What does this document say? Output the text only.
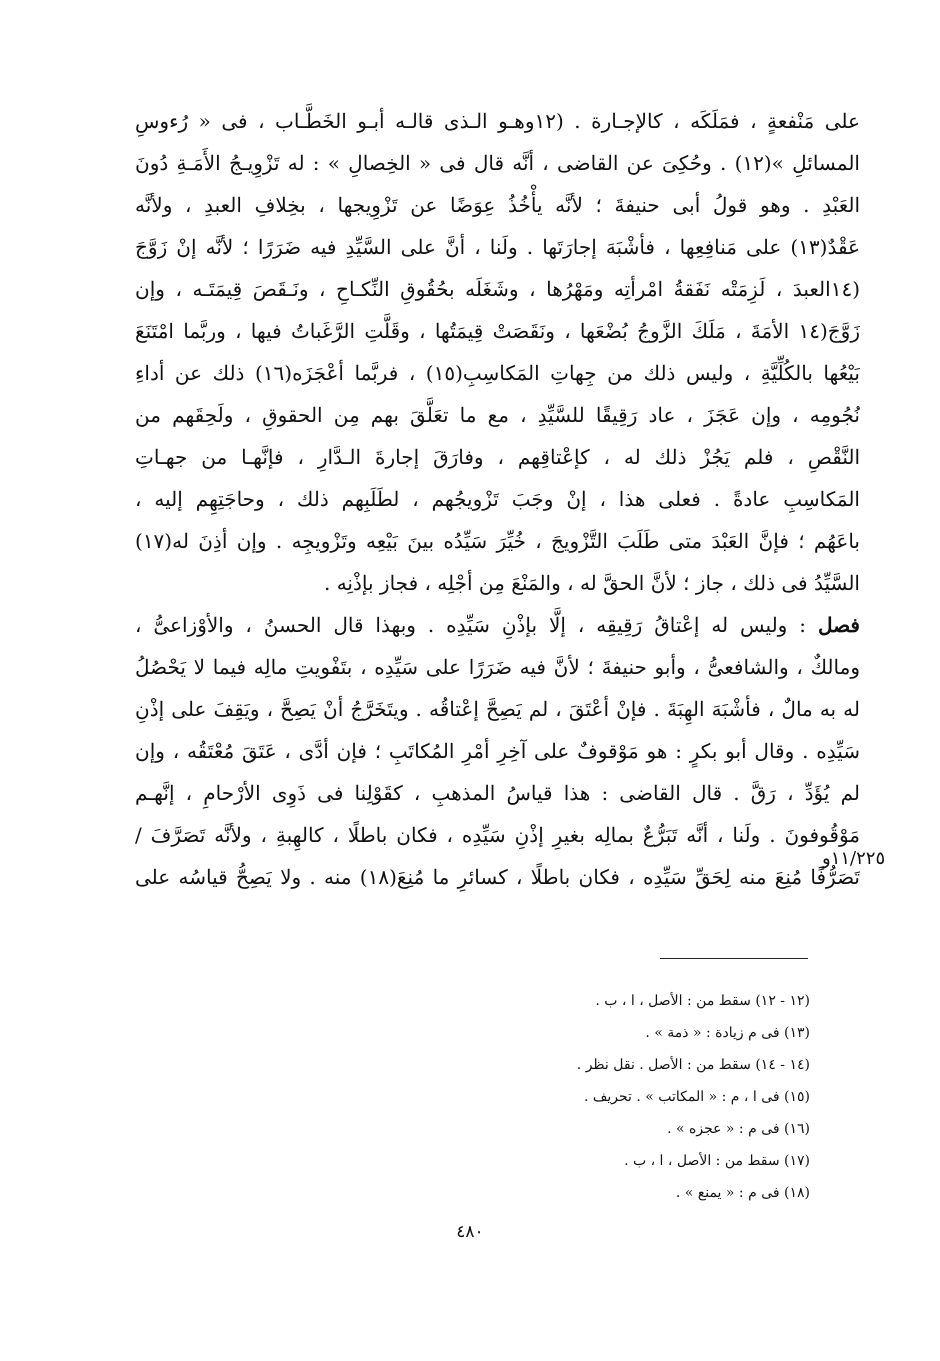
على مَنْفعةٍ ، فمَلَكَه ، كالإجـارة . (١٢وهـو الـذى قالـه أبـو الخَطَّـاب ، فى « رُءوسِ
المسائلِ »(١٢) . وحُكِىَ عن القاضى ، أنَّه قال فى « الخِصالِ » : له تَزْوِيـجُ الأَمَـةِ دُونَ
العَبْدِ . وهو قولُ أبى حنيفةَ ؛ لأنَّه يأْخُذُ عِوَضًا عن تَزْوِيجها ، بخِلافِ العبدِ ، ولأنَّه
عَقْدٌ(١٣) على مَنافِعِها ، فأشْبَهَ إجارَتَها . ولَنا ، أنَّ على السَّيِّدِ فيه ضَرَرًا ؛ لأنَّه إنْ زَوَّجَ
(١٤العبدَ ، لَزِمَتْه نَفَقةُ امْرأتِه ومَهْرُها ، وشَغَلَه بحُقُوقِ النِّكـاحِ ، ونَـقَصَ قِيمَتَـه ، وإن
زَوَّجَ(١٤ الأمَةَ ، مَلَكَ الزَّوجُ بُضْعَها ، ونَقَصَتْ قِيمَتُها ، وقَلَّتِ الرَّغَباتُ فيها ، وربَّما امْتَنَعَ
بَيْعُها بالكُلِّيَّةِ ، وليس ذلك من جِهاتِ المَكاسِبِ(١٥) ، فربَّما أعْجَزَه(١٦) ذلك عن أداءِ
نُجُومِه ، وإن عَجَزَ ، عاد رَقِيقًا للسَّيِّدِ ، مع ما تعَلَّقَ بهم مِن الحقوقِ ، ولَحِقَهم من
النَّقْصِ ، فلم يَجُزْ ذلك له ، كإعْتاقِهم ، وفارَقَ إجارةَ الـدَّارِ ، فإنَّهـا من جهـاتِ
المَكاسِبِ عادةً . فعلى هذا ، إنْ وجَبَ تَزْويجُهم ، لطَلَبِهم ذلك ، وحاجَتِهِم إليه ،
باعَهُم ؛ فإنَّ العَبْدَ متى طَلَبَ التَّزْويجَ ، خُيِّرَ سَيِّدُه بينَ بَيْعِه وتَزْويجِه . وإن أذِنَ له(١٧)
السَّيِّدُ فى ذلك ، جاز ؛ لأنَّ الحقَّ له ، والمَنْعَ مِن أجْلِه ، فجاز بإذْنِه .
فصل : وليس له إعْتاقُ رَقِيقِه ، إلَّا بإذْنِ سَيِّدِه . وبهذا قال الحسنُ ، والأوْزاعىُّ ،
ومالكٌ ، والشافعىُّ ، وأبو حنيفةَ ؛ لأنَّ فيه ضَرَرًا على سَيِّدِه ، بتَفْويتِ مالِه فيما لا يَحْصُلُ
له به مالٌ ، فأشْبَهَ الهِبَةَ . فإنْ أعْتَقَ ، لم يَصِحَّ إعْتاقُه . ويتَخَرَّجُ أنْ يَصِحَّ ، ويَقِفَ على إذْنِ
سَيِّدِه . وقال أبو بكرٍ : هو مَوْقوفٌ على آخِرِ أمْرِ المُكاتَبِ ؛ فإن أدَّى ، عَتَقَ مُعْتَقُه ، وإن
لم يُؤَدِّ ، رَقَّ . قال القاضى : هذا قياسُ المذهبِ ، كقَوْلِنا فى ذَوِى الأرْحامِ ، إنَّهـم
مَوْقُوفونَ . ولَنا ، أنَّه تَبَرُّعٌ بمالِه بغيرِ إذْنِ سَيِّدِه ، فكان باطلًا ، كالهِبةِ ، ولأنَّه تَصَرَّفَ /
تَصَرُّفًا مُنِعَ منه لِحَقِّ سَيِّدِه ، فكان باطلًا ، كسائرِ ما مُنِعَ(١٨) منه . ولا يَصِحُّ قياسُه على
١١/٢٢٥و
(١٢ - ١٢) سقط من : الأصل ، ا ، ب .
(١٣) فى م زيادة : « ذمة » .
(١٤ - ١٤) سقط من : الأصل . نقل نظر .
(١٥) فى ا ، م : « المكاتب » . تحريف .
(١٦) فى م : « عجزه » .
(١٧) سقط من : الأصل ، ا ، ب .
(١٨) فى م : « يمنع » .
٤٨٠
